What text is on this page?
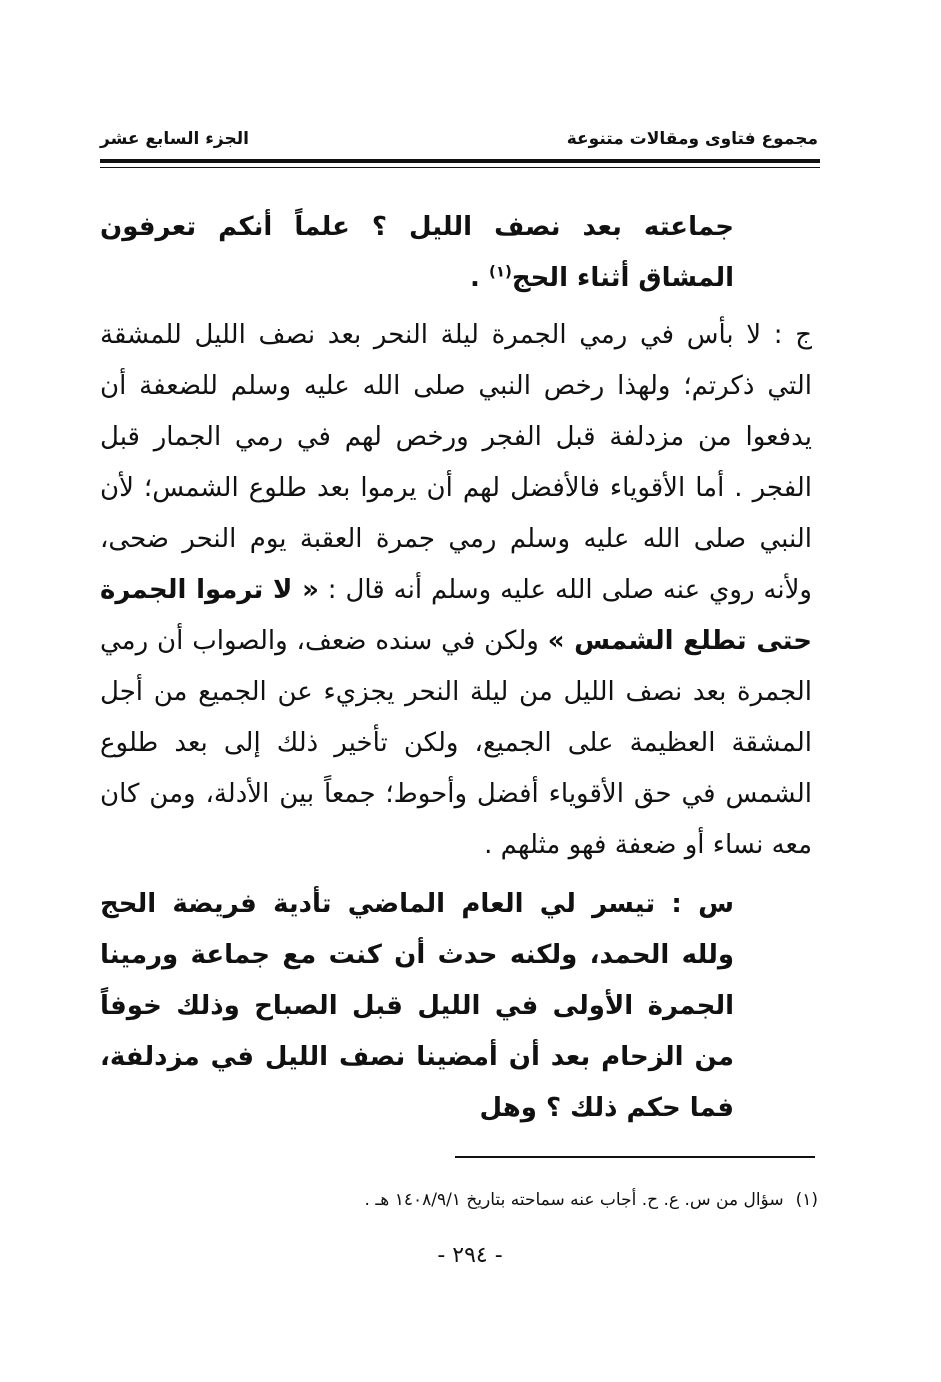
مجموع فتاوى ومقالات متنوعة
الجزء السابع عشر

جماعته بعد نصف الليل ؟ علماً أنكم تعرفون المشاق أثناء الحج$^{(١)}$ .

ج : لا بأس في رمي الجمرة ليلة النحر بعد نصف الليل للمشقة التي ذكرتم؛ ولهذا رخص النبي صلى الله عليه وسلم للضعفة أن يدفعوا من مزدلفة قبل الفجر ورخص لهم في رمي الجمار قبل الفجر . أما الأقوياء فالأفضل لهم أن يرموا بعد طلوع الشمس؛ لأن النبي صلى الله عليه وسلم رمي جمرة العقبة يوم النحر ضحى، ولأنه روي عنه صلى الله عليه وسلم أنه قال : « لا ترموا الجمرة حتى تطلع الشمس » ولكن في سنده ضعف، والصواب أن رمي الجمرة بعد نصف الليل من ليلة النحر يجزيء عن الجميع من أجل المشقة العظيمة على الجميع، ولكن تأخير ذلك إلى بعد طلوع الشمس في حق الأقوياء أفضل وأحوط؛ جمعاً بين الأدلة، ومن كان معه نساء أو ضعفة فهو مثلهم .

س : تيسر لي العام الماضي تأدية فريضة الحج ولله الحمد، ولكنه حدث أن كنت مع جماعة ورمينا الجمرة الأولى في الليل قبل الصباح وذلك خوفاً من الزحام بعد أن أمضينا نصف الليل في مزدلفة، فما حكم ذلك ؟ وهل

(١)سؤال من س. ع. ح. أجاب عنه سماحته بتاريخ ١٤٠٨/٩/١ هـ .
- ٢٩٤ -
